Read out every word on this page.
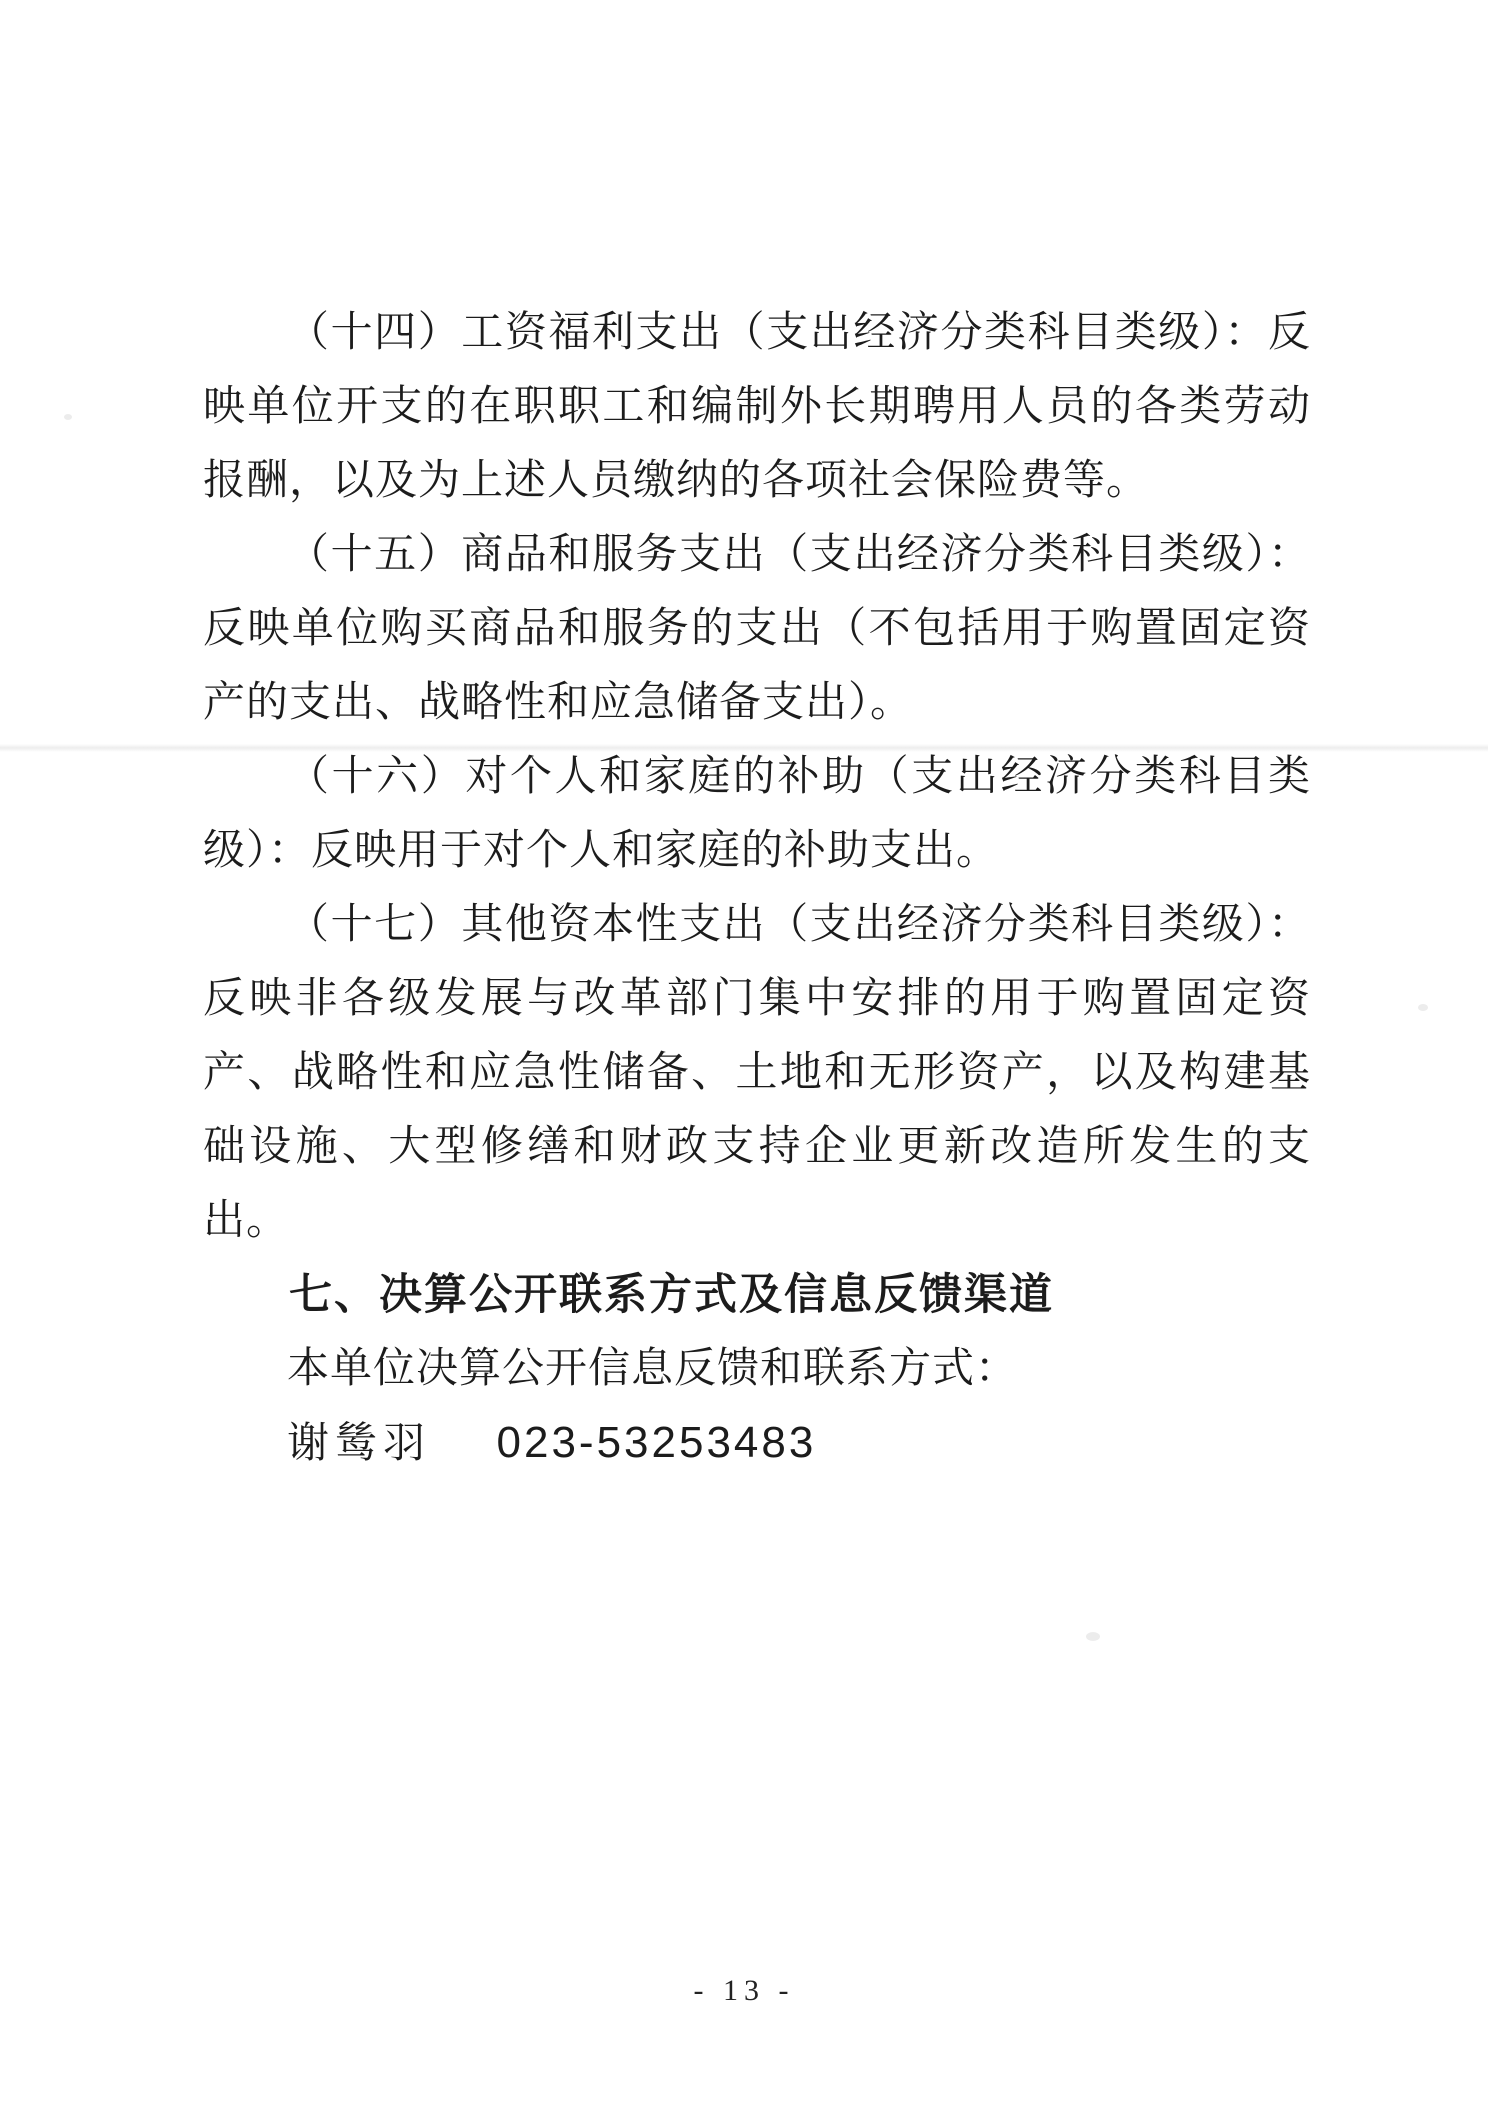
（十四）工资福利支出（支出经济分类科目类级）：反映单位开支的在职职工和编制外长期聘用人员的各类劳动报酬，以及为上述人员缴纳的各项社会保险费等。

（十五）商品和服务支出（支出经济分类科目类级）：反映单位购买商品和服务的支出（不包括用于购置固定资产的支出、战略性和应急储备支出）。

（十六）对个人和家庭的补助（支出经济分类科目类级）：反映用于对个人和家庭的补助支出。

（十七）其他资本性支出（支出经济分类科目类级）：反映非各级发展与改革部门集中安排的用于购置固定资产、战略性和应急性储备、土地和无形资产，以及构建基础设施、大型修缮和财政支持企业更新改造所发生的支出。

七、决算公开联系方式及信息反馈渠道

本单位决算公开信息反馈和联系方式：

谢鸶羽 023-53253483

- 13 -
